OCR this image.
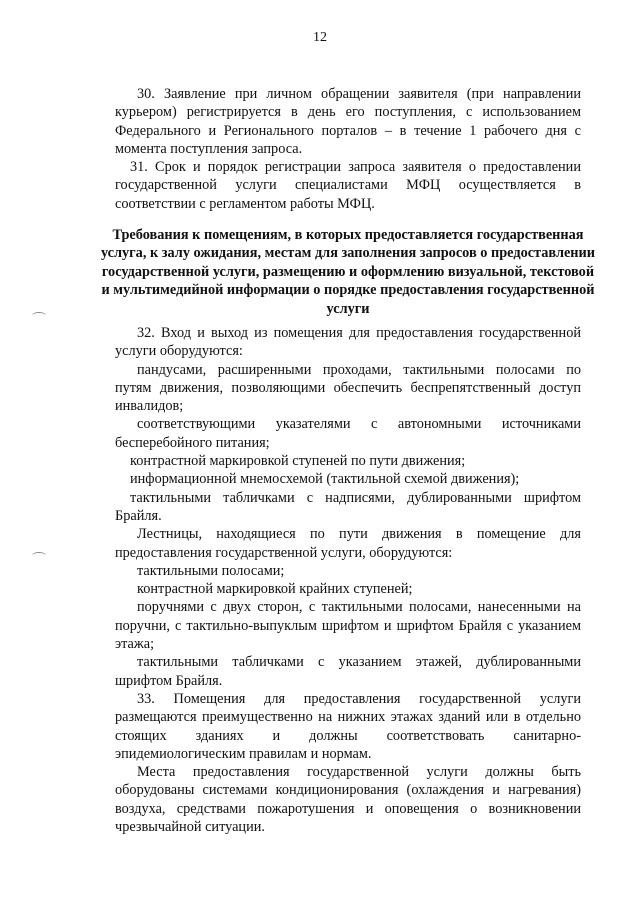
12

30. Заявление при личном обращении заявителя (при направлении курьером) регистрируется в день его поступления, с использованием Федерального и Регионального порталов – в течение 1 рабочего дня с момента поступления запроса.

31. Срок и порядок регистрации запроса заявителя о предоставлении государственной услуги специалистами МФЦ осуществляется в соответствии с регламентом работы МФЦ.

Требования к помещениям, в которых предоставляется государственная услуга, к залу ожидания, местам для заполнения запросов о предоставлении государственной услуги, размещению и оформлению визуальной, текстовой и мультимедийной информации о порядке предоставления государственной услуги

32. Вход и выход из помещения для предоставления государственной услуги оборудуются:

пандусами, расширенными проходами, тактильными полосами по путям движения, позволяющими обеспечить беспрепятственный доступ инвалидов;

соответствующими указателями с автономными источниками бесперебойного питания;

контрастной маркировкой ступеней по пути движения;

информационной мнемосхемой (тактильной схемой движения);

тактильными табличками с надписями, дублированными шрифтом Брайля.

Лестницы, находящиеся по пути движения в помещение для предоставления государственной услуги, оборудуются:

тактильными полосами;

контрастной маркировкой крайних ступеней;

поручнями с двух сторон, с тактильными полосами, нанесенными на поручни, с тактильно-выпуклым шрифтом и шрифтом Брайля с указанием этажа;

тактильными табличками с указанием этажей, дублированными шрифтом Брайля.

33. Помещения для предоставления государственной услуги размещаются преимущественно на нижних этажах зданий или в отдельно стоящих зданиях и должны соответствовать санитарно-эпидемиологическим правилам и нормам.

Места предоставления государственной услуги должны быть оборудованы системами кондиционирования (охлаждения и нагревания) воздуха, средствами пожаротушения и оповещения о возникновении чрезвычайной ситуации.
